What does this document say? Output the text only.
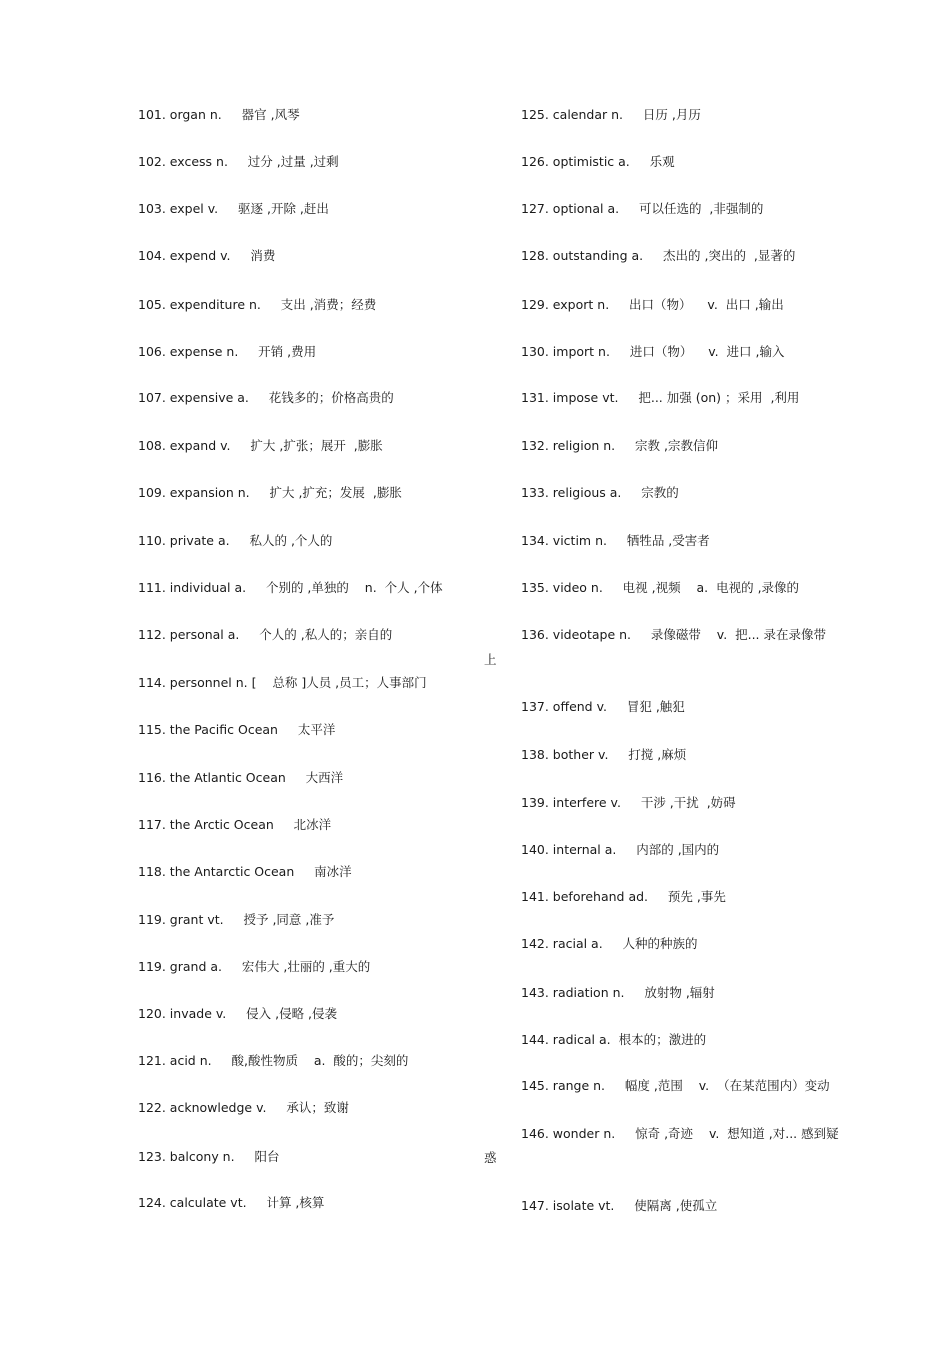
101. organ n.     器官 ,风琴
102. excess n.     过分 ,过量 ,过剩
103. expel v.     驱逐 ,开除 ,赶出
104. expend v.     消费
105. expenditure n.     支出 ,消费；经费
106. expense n.     开销 ,费用
107. expensive a.     花钱多的；价格高贵的
108. expand v.     扩大 ,扩张；展开  ,膨胀
109. expansion n.     扩大 ,扩充；发展  ,膨胀
110. private a.     私人的 ,个人的
111. individual a.     个别的 ,单独的    n.  个人 ,个体
112. personal a.     个人的 ,私人的；亲自的
114. personnel n. [    总称 ]人员 ,员工；人事部门
115. the Pacific Ocean     太平洋
116. the Atlantic Ocean     大西洋
117. the Arctic Ocean     北冰洋
118. the Antarctic Ocean     南冰洋
119. grant vt.     授予 ,同意 ,准予
119. grand a.     宏伟大 ,壮丽的 ,重大的
120. invade v.     侵入 ,侵略 ,侵袭
121. acid n.     酸,酸性物质    a.  酸的；尖刻的
122. acknowledge v.     承认；致谢
123. balcony n.     阳台
124. calculate vt.     计算 ,核算
上
惑
125. calendar n.     日历 ,月历
126. optimistic a.     乐观
127. optional a.     可以任选的  ,非强制的
128. outstanding a.     杰出的 ,突出的  ,显著的
129. export n.     出口（物）    v.  出口 ,输出
130. import n.     进口（物）    v.  进口 ,输入
131. impose vt.     把... 加强 (on) ；采用  ,利用
132. religion n.     宗教 ,宗教信仰
133. religious a.     宗教的
134. victim n.     牺牲品 ,受害者
135. video n.     电视 ,视频    a.  电视的 ,录像的
136. videotape n.     录像磁带    v.  把... 录在录像带
137. offend v.     冒犯 ,触犯
138. bother v.     打搅 ,麻烦
139. interfere v.     干涉 ,干扰  ,妨碍
140. internal a.     内部的 ,国内的
141. beforehand ad.     预先 ,事先
142. racial a.     人种的种族的
143. radiation n.     放射物 ,辐射
144. radical a.  根本的；激进的
145. range n.     幅度 ,范围    v.  （在某范围内）变动
146. wonder n.     惊奇 ,奇迹    v.  想知道 ,对... 感到疑
147. isolate vt.     使隔离 ,使孤立
